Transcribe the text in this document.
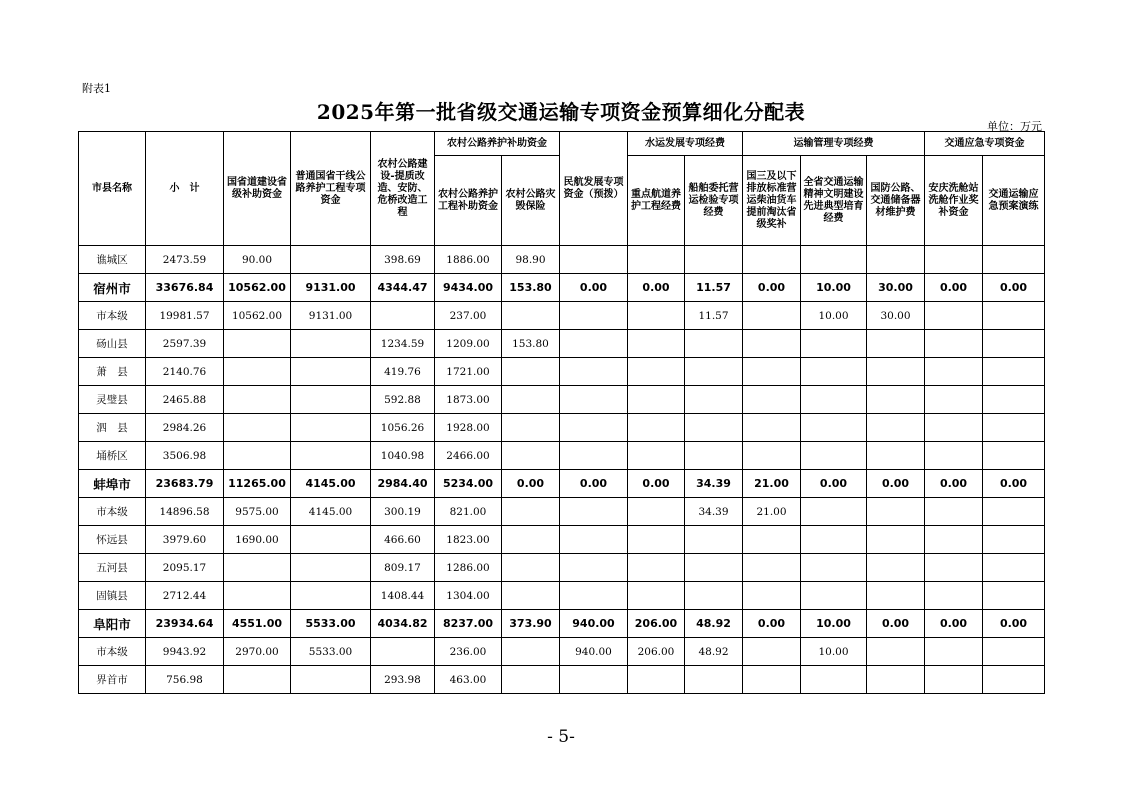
附表1
2025年第一批省级交通运输专项资金预算细化分配表
单位：万元
市县名称	小　计	国省道建设省级补助资金	普通国省干线公路养护工程专项资金	农村公路建设-提质改造、安防、危桥改造工程	农村公路养护补助资金		民航发展专项资金（预拨）	水运发展专项经费		运输管理专项经费			交通应急专项资金	
					农村公路养护工程补助资金	农村公路灾毁保险		重点航道养护工程经费	船舶委托营运检验专项经费	国三及以下排放标准营运柴油货车提前淘汰省级奖补	全省交通运输精神文明建设先进典型培育经费	国防公路、交通储备器材维护费	安庆洗舱站洗舱作业奖补资金	交通运输应急预案演练
谯城区	2473.59	90.00		398.69	1886.00	98.90								
宿州市	33676.84	10562.00	9131.00	4344.47	9434.00	153.80	0.00	0.00	11.57	0.00	10.00	30.00	0.00	0.00
市本级	19981.57	10562.00	9131.00		237.00				11.57		10.00	30.00		
砀山县	2597.39			1234.59	1209.00	153.80								
萧　县	2140.76			419.76	1721.00									
灵璧县	2465.88			592.88	1873.00									
泗　县	2984.26			1056.26	1928.00									
埇桥区	3506.98			1040.98	2466.00									
蚌埠市	23683.79	11265.00	4145.00	2984.40	5234.00	0.00	0.00	0.00	34.39	21.00	0.00	0.00	0.00	0.00
市本级	14896.58	9575.00	4145.00	300.19	821.00				34.39	21.00				
怀远县	3979.60	1690.00		466.60	1823.00									
五河县	2095.17			809.17	1286.00									
固镇县	2712.44			1408.44	1304.00									
阜阳市	23934.64	4551.00	5533.00	4034.82	8237.00	373.90	940.00	206.00	48.92	0.00	10.00	0.00	0.00	0.00
市本级	9943.92	2970.00	5533.00		236.00		940.00	206.00	48.92		10.00			
界首市	756.98			293.98	463.00									
- 5-
